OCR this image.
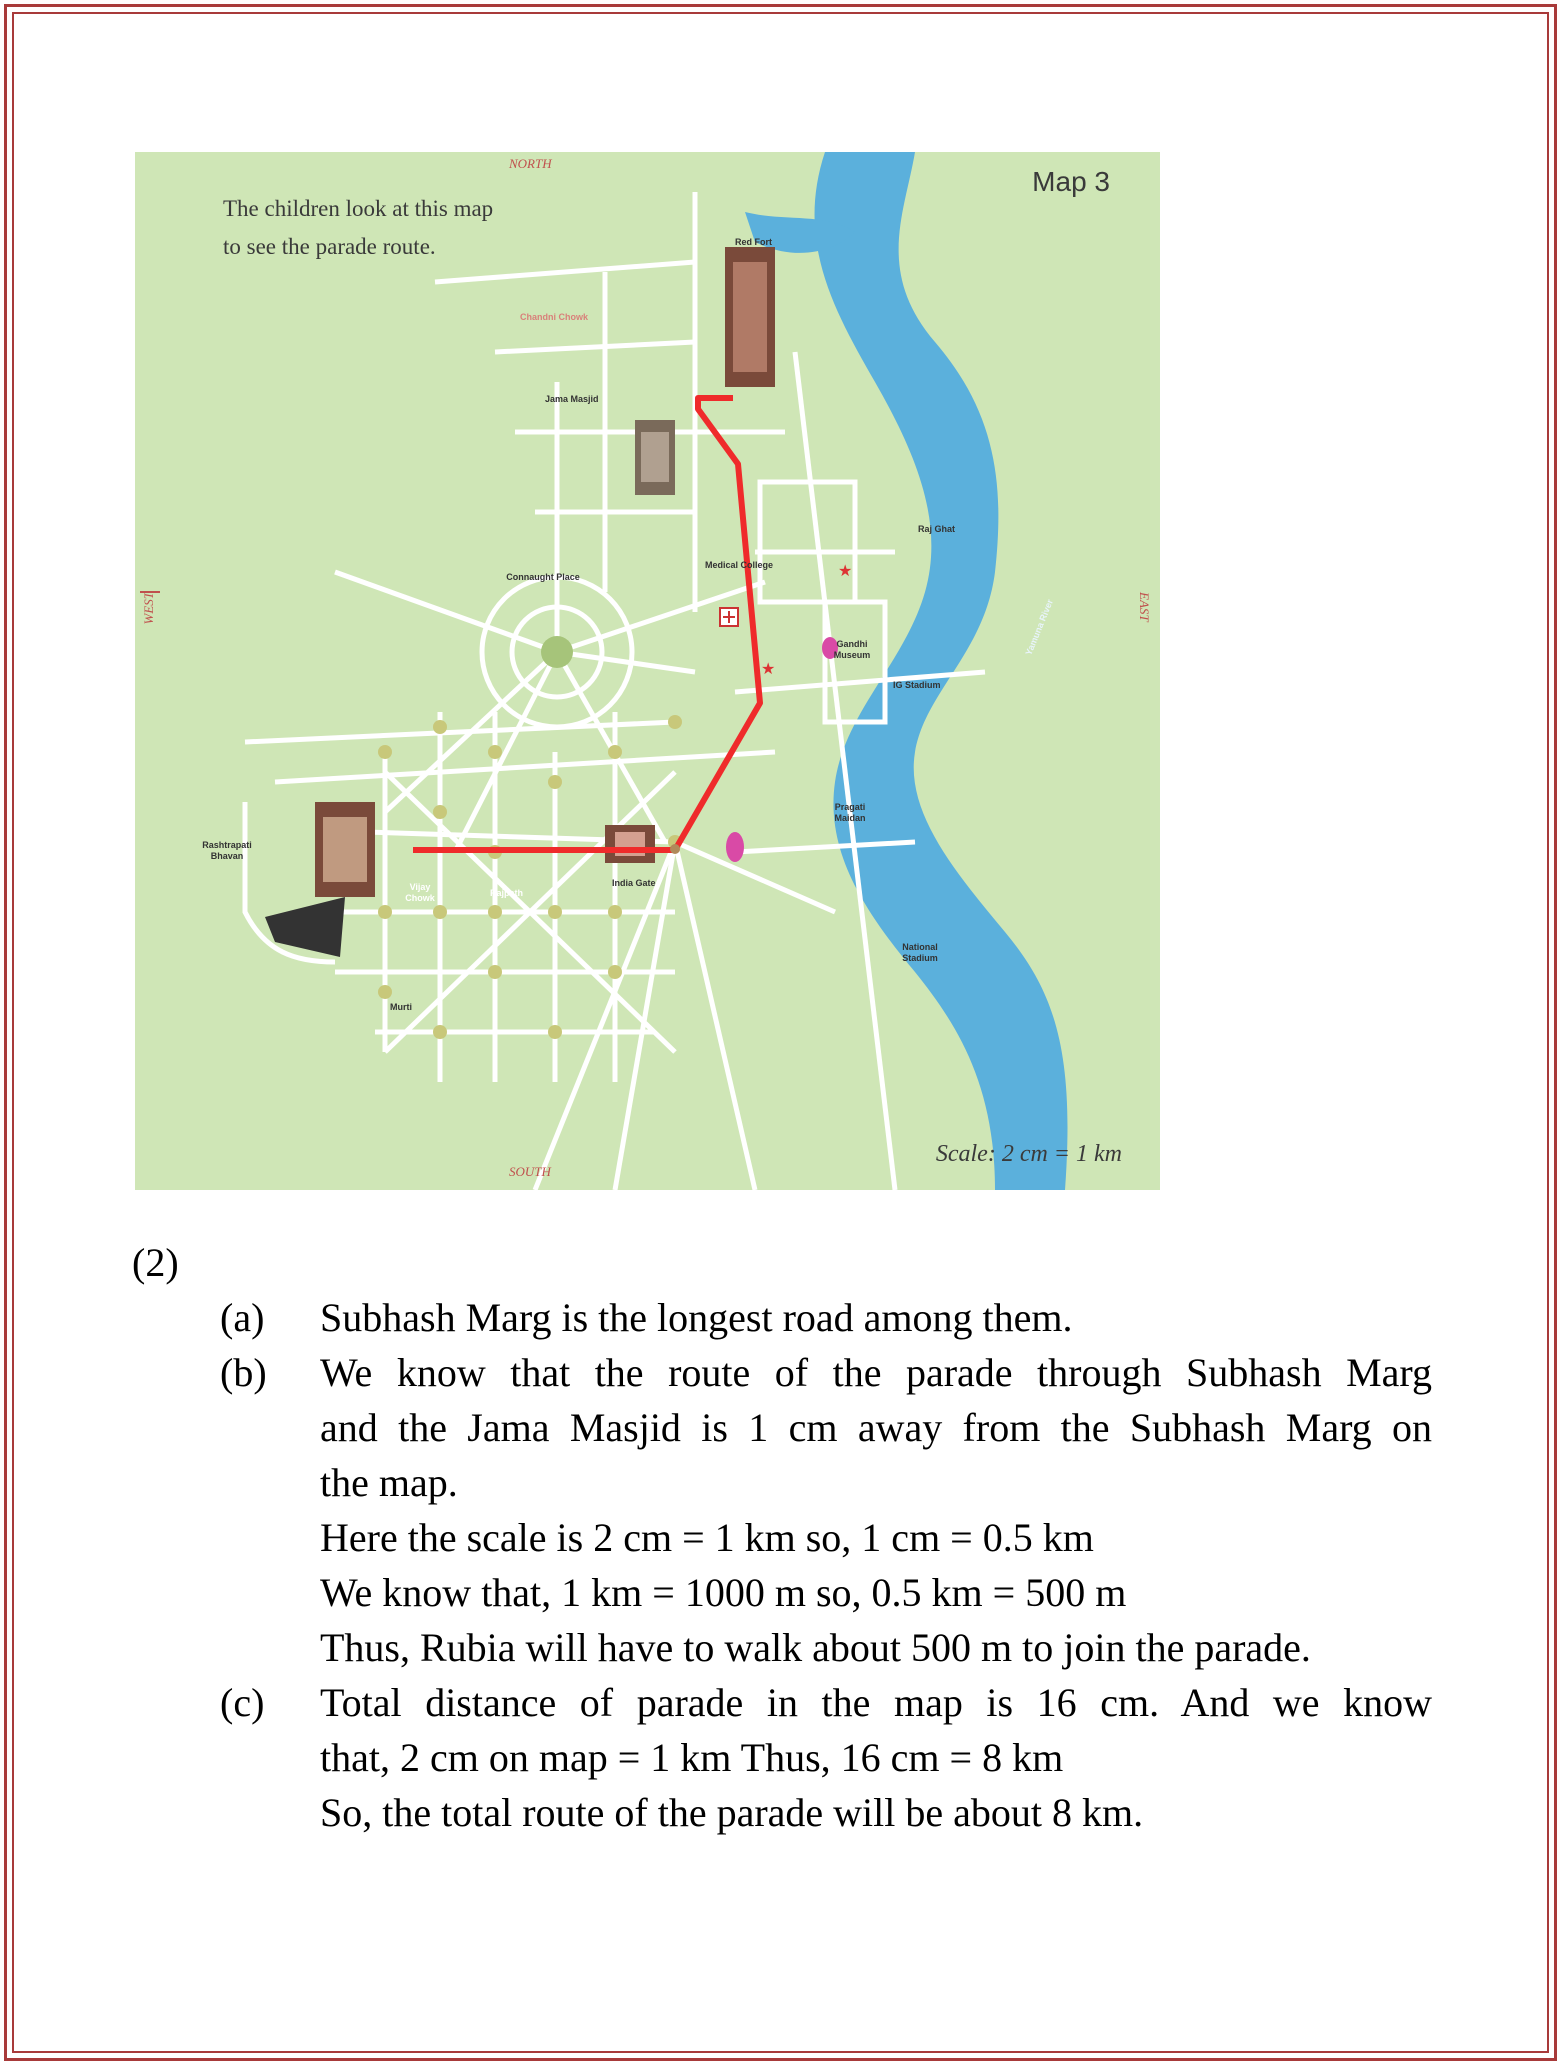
★
★
The children look at this map
to see the parade route.
Map 3
Scale: 2 cm = 1 km
NORTH
SOUTH
EAST
WEST
Red Fort
Chandni Chowk
Jama Masjid
Raj Ghat
Medical College
Connaught Place
Gandhi Museum
IG Stadium
Yamuna River
Pragati Maidan
Rashtrapati Bhavan
Vijay Chowk	Rajpath
India Gate
National Stadium
Murti
(2)
(a) Subhash Marg is the longest road among them.
(b) We know that the route of the parade through Subhash Marg
and the Jama Masjid is 1 cm away from the Subhash Marg on
the map.
Here the scale is 2 cm = 1 km so, 1 cm = 0.5 km
We know that, 1 km = 1000 m so, 0.5 km = 500 m
Thus, Rubia will have to walk about 500 m to join the parade.
(c) Total distance of parade in the map is 16 cm. And we know
that, 2 cm on map = 1 km Thus, 16 cm = 8 km
So, the total route of the parade will be about 8 km.
